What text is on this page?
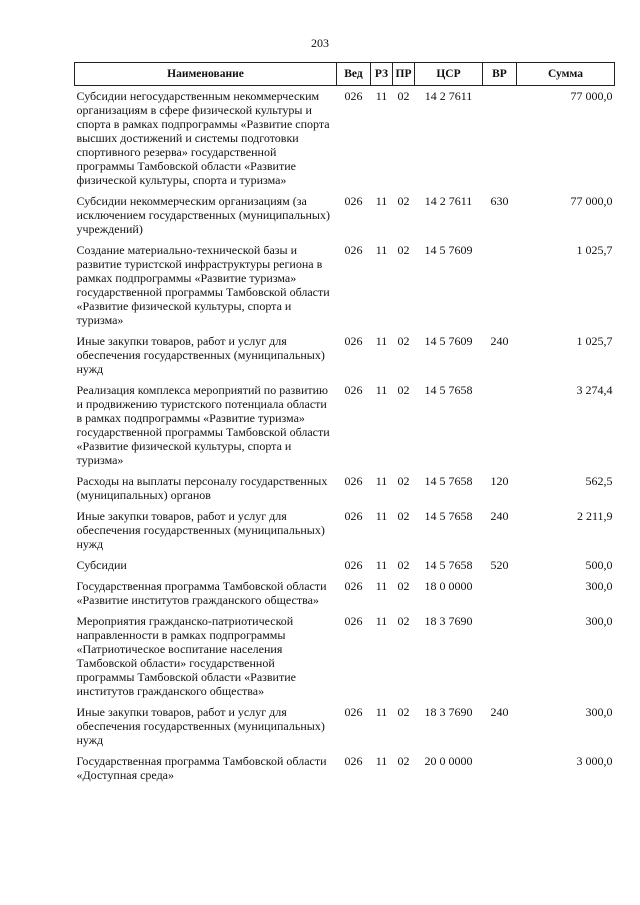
203
Наименование	Вед	РЗ	ПР	ЦСР	ВР	Сумма
Субсидии негосударственным некоммерческим организациям в сфере физической культуры и спорта в рамках подпрограммы «Развитие спорта высших достижений и системы подготовки спортивного резерва» государственной программы Тамбовской области «Развитие физической культуры, спорта и туризма»	026	11	02	14 2 7611		77 000,0
Субсидии некоммерческим организациям (за исключением государственных (муниципальных) учреждений)	026	11	02	14 2 7611	630	77 000,0
Создание материально-технической базы и развитие туристской инфраструктуры региона в рамках подпрограммы «Развитие туризма» государственной программы Тамбовской области «Развитие физической культуры, спорта и туризма»	026	11	02	14 5 7609		1 025,7
Иные закупки товаров, работ и услуг для обеспечения государственных (муниципальных) нужд	026	11	02	14 5 7609	240	1 025,7
Реализация комплекса мероприятий по развитию и продвижению туристского потенциала области в рамках подпрограммы «Развитие туризма» государственной программы Тамбовской области «Развитие физической культуры, спорта и туризма»	026	11	02	14 5 7658		3 274,4
Расходы на выплаты персоналу государственных (муниципальных) органов	026	11	02	14 5 7658	120	562,5
Иные закупки товаров, работ и услуг для обеспечения государственных (муниципальных) нужд	026	11	02	14 5 7658	240	2 211,9
Субсидии	026	11	02	14 5 7658	520	500,0
Государственная программа Тамбовской области «Развитие институтов гражданского общества»	026	11	02	18 0 0000		300,0
Мероприятия гражданско-патриотической направленности в рамках подпрограммы «Патриотическое воспитание населения Тамбовской области» государственной программы Тамбовской области «Развитие институтов гражданского общества»	026	11	02	18 3 7690		300,0
Иные закупки товаров, работ и услуг для обеспечения государственных (муниципальных) нужд	026	11	02	18 3 7690	240	300,0
Государственная программа Тамбовской области «Доступная среда»	026	11	02	20 0 0000		3 000,0
